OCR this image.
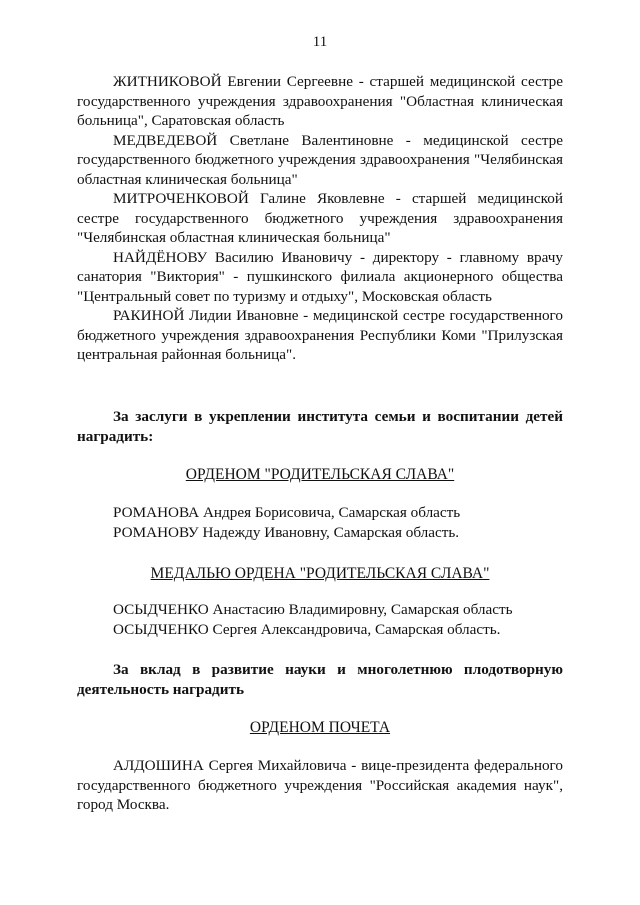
11

ЖИТНИКОВОЙ Евгении Сергеевне - старшей медицинской сестре государственного учреждения здравоохранения "Областная клиническая больница", Саратовская область

МЕДВЕДЕВОЙ Светлане Валентиновне - медицинской сестре государственного бюджетного учреждения здравоохранения "Челябинская областная клиническая больница"

МИТРОЧЕНКОВОЙ Галине Яковлевне - старшей медицинской сестре государственного бюджетного учреждения здравоохранения "Челябинская областная клиническая больница"

НАЙДЁНОВУ Василию Ивановичу - директору - главному врачу санатория "Виктория" - пушкинского филиала акционерного общества "Центральный совет по туризму и отдыху", Московская область

РАКИНОЙ Лидии Ивановне - медицинской сестре государственного бюджетного учреждения здравоохранения Республики Коми "Прилузская центральная районная больница".

За заслуги в укреплении института семьи и воспитании детей наградить:

ОРДЕНОМ "РОДИТЕЛЬСКАЯ СЛАВА"

РОМАНОВА Андрея Борисовича, Самарская область

РОМАНОВУ Надежду Ивановну, Самарская область.

МЕДАЛЬЮ ОРДЕНА "РОДИТЕЛЬСКАЯ СЛАВА"

ОСЫДЧЕНКО Анастасию Владимировну, Самарская область

ОСЫДЧЕНКО Сергея Александровича, Самарская область.

За вклад в развитие науки и многолетнюю плодотворную деятельность наградить

ОРДЕНОМ ПОЧЕТА

АЛДОШИНА Сергея Михайловича - вице-президента федерального государственного бюджетного учреждения "Российская академия наук", город Москва.
